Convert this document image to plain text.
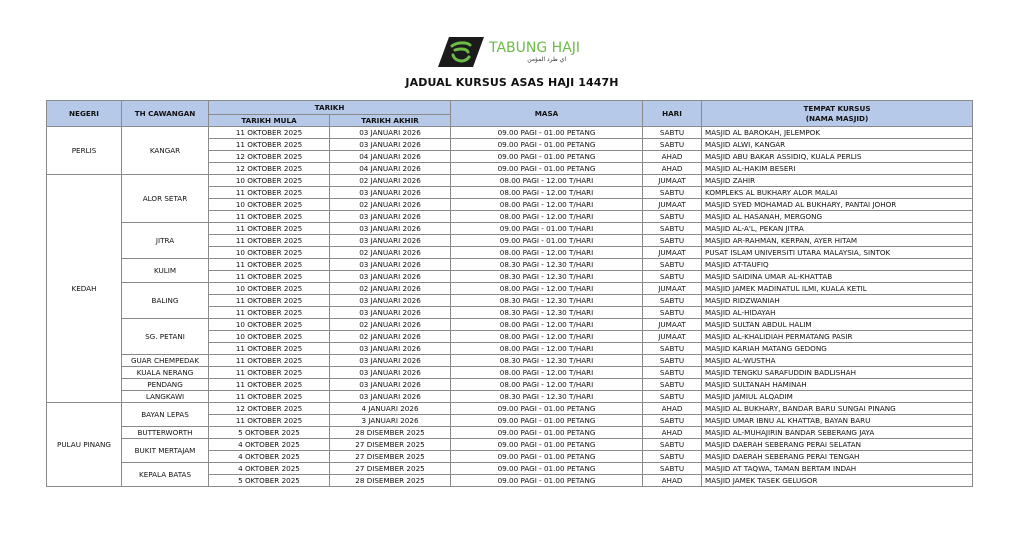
TABUNG HAJI
اي طرد المؤمن
JADUAL KURSUS ASAS HAJI 1447H
NEGERI	TH CAWANGAN	TARIKH		MASA	HARI	TEMPAT KURSUS
(NAMA MASJID)
		TARIKH MULA	TARIKH AKHIR			
PERLIS	KANGAR	11 OKTOBER 2025	03 JANUARI 2026	09.00 PAGI - 01.00 PETANG	SABTU	MASJID AL BAROKAH, JELEMPOK
		11 OKTOBER 2025	03 JANUARI 2026	09.00 PAGI - 01.00 PETANG	SABTU	MASJID ALWI, KANGAR
		12 OKTOBER 2025	04 JANUARI 2026	09.00 PAGI - 01.00 PETANG	AHAD	MASJID ABU BAKAR ASSIDIQ, KUALA PERLIS
		12 OKTOBER 2025	04 JANUARI 2026	09.00 PAGI - 01.00 PETANG	AHAD	MASJID AL-HAKIM BESERI
KEDAH	ALOR SETAR	10 OKTOBER 2025	02 JANUARI 2026	08.00 PAGI - 12.00 T/HARI	JUMAAT	MASJID ZAHIR
		11 OKTOBER 2025	03 JANUARI 2026	08.00 PAGI - 12.00 T/HARI	SABTU	KOMPLEKS AL BUKHARY ALOR MALAI
		10 OKTOBER 2025	02 JANUARI 2026	08.00 PAGI - 12.00 T/HARI	JUMAAT	MASJID SYED MOHAMAD AL BUKHARY, PANTAI JOHOR
		11 OKTOBER 2025	03 JANUARI 2026	08.00 PAGI - 12.00 T/HARI	SABTU	MASJID AL HASANAH, MERGONG
	JITRA	11 OKTOBER 2025	03 JANUARI 2026	09.00 PAGI - 01.00 T/HARI	SABTU	MASJID AL-A'L, PEKAN JITRA
		11 OKTOBER 2025	03 JANUARI 2026	09.00 PAGI - 01.00 T/HARI	SABTU	MASJID AR-RAHMAN, KERPAN, AYER HITAM
		10 OKTOBER 2025	02 JANUARI 2026	08.00 PAGI - 12.00 T/HARI	JUMAAT	PUSAT ISLAM UNIVERSITI UTARA MALAYSIA, SINTOK
	KULIM	11 OKTOBER 2025	03 JANUARI 2026	08.30 PAGI - 12.30 T/HARI	SABTU	MASJID AT-TAUFIQ
		11 OKTOBER 2025	03 JANUARI 2026	08.30 PAGI - 12.30 T/HARI	SABTU	MASJID SAIDINA UMAR AL-KHATTAB
	BALING	10 OKTOBER 2025	02 JANUARI 2026	08.00 PAGI - 12.00 T/HARI	JUMAAT	MASJID JAMEK MADINATUL ILMI, KUALA KETIL
		11 OKTOBER 2025	03 JANUARI 2026	08.30 PAGI - 12.30 T/HARI	SABTU	MASJID RIDZWANIAH
		11 OKTOBER 2025	03 JANUARI 2026	08.30 PAGI - 12.30 T/HARI	SABTU	MASJID AL-HIDAYAH
	SG. PETANI	10 OKTOBER 2025	02 JANUARI 2026	08.00 PAGI - 12.00 T/HARI	JUMAAT	MASJID SULTAN ABDUL HALIM
		10 OKTOBER 2025	02 JANUARI 2026	08.00 PAGI - 12.00 T/HARI	JUMAAT	MASJID AL-KHALIDIAH PERMATANG PASIR
		11 OKTOBER 2025	03 JANUARI 2026	08.00 PAGI - 12.00 T/HARI	SABTU	MASJID KARIAH MATANG GEDONG
	GUAR CHEMPEDAK	11 OKTOBER 2025	03 JANUARI 2026	08.30 PAGI - 12.30 T/HARI	SABTU	MASJID AL-WUSTHA
	KUALA NERANG	11 OKTOBER 2025	03 JANUARI 2026	08.00 PAGI - 12.00 T/HARI	SABTU	MASJID TENGKU SARAFUDDIN BADLISHAH
	PENDANG	11 OKTOBER 2025	03 JANUARI 2026	08.00 PAGI - 12.00 T/HARI	SABTU	MASJID SULTANAH HAMINAH
	LANGKAWI	11 OKTOBER 2025	03 JANUARI 2026	08.30 PAGI - 12.30 T/HARI	SABTU	MASJID JAMIUL ALQADIM
PULAU PINANG	BAYAN LEPAS	12 OKTOBER 2025	4 JANUARI 2026	09.00 PAGI - 01.00 PETANG	AHAD	MASJID AL BUKHARY, BANDAR BARU SUNGAI PINANG
		11 OKTOBER 2025	3 JANUARI 2026	09.00 PAGI - 01.00 PETANG	SABTU	MASJID UMAR IBNU AL KHATTAB, BAYAN BARU
	BUTTERWORTH	5 OKTOBER 2025	28 DISEMBER 2025	09.00 PAGI - 01.00 PETANG	AHAD	MASJID AL-MUHAJIRIN BANDAR SEBERANG JAYA
	BUKIT MERTAJAM	4 OKTOBER 2025	27 DISEMBER 2025	09.00 PAGI - 01.00 PETANG	SABTU	MASJID DAERAH SEBERANG PERAI SELATAN
		4 OKTOBER 2025	27 DISEMBER 2025	09.00 PAGI - 01.00 PETANG	SABTU	MASJID DAERAH SEBERANG PERAI TENGAH
	KEPALA BATAS	4 OKTOBER 2025	27 DISEMBER 2025	09.00 PAGI - 01.00 PETANG	SABTU	MASJID AT TAQWA, TAMAN BERTAM INDAH
		5 OKTOBER 2025	28 DISEMBER 2025	09.00 PAGI - 01.00 PETANG	AHAD	MASJID JAMEK TASEK GELUGOR
